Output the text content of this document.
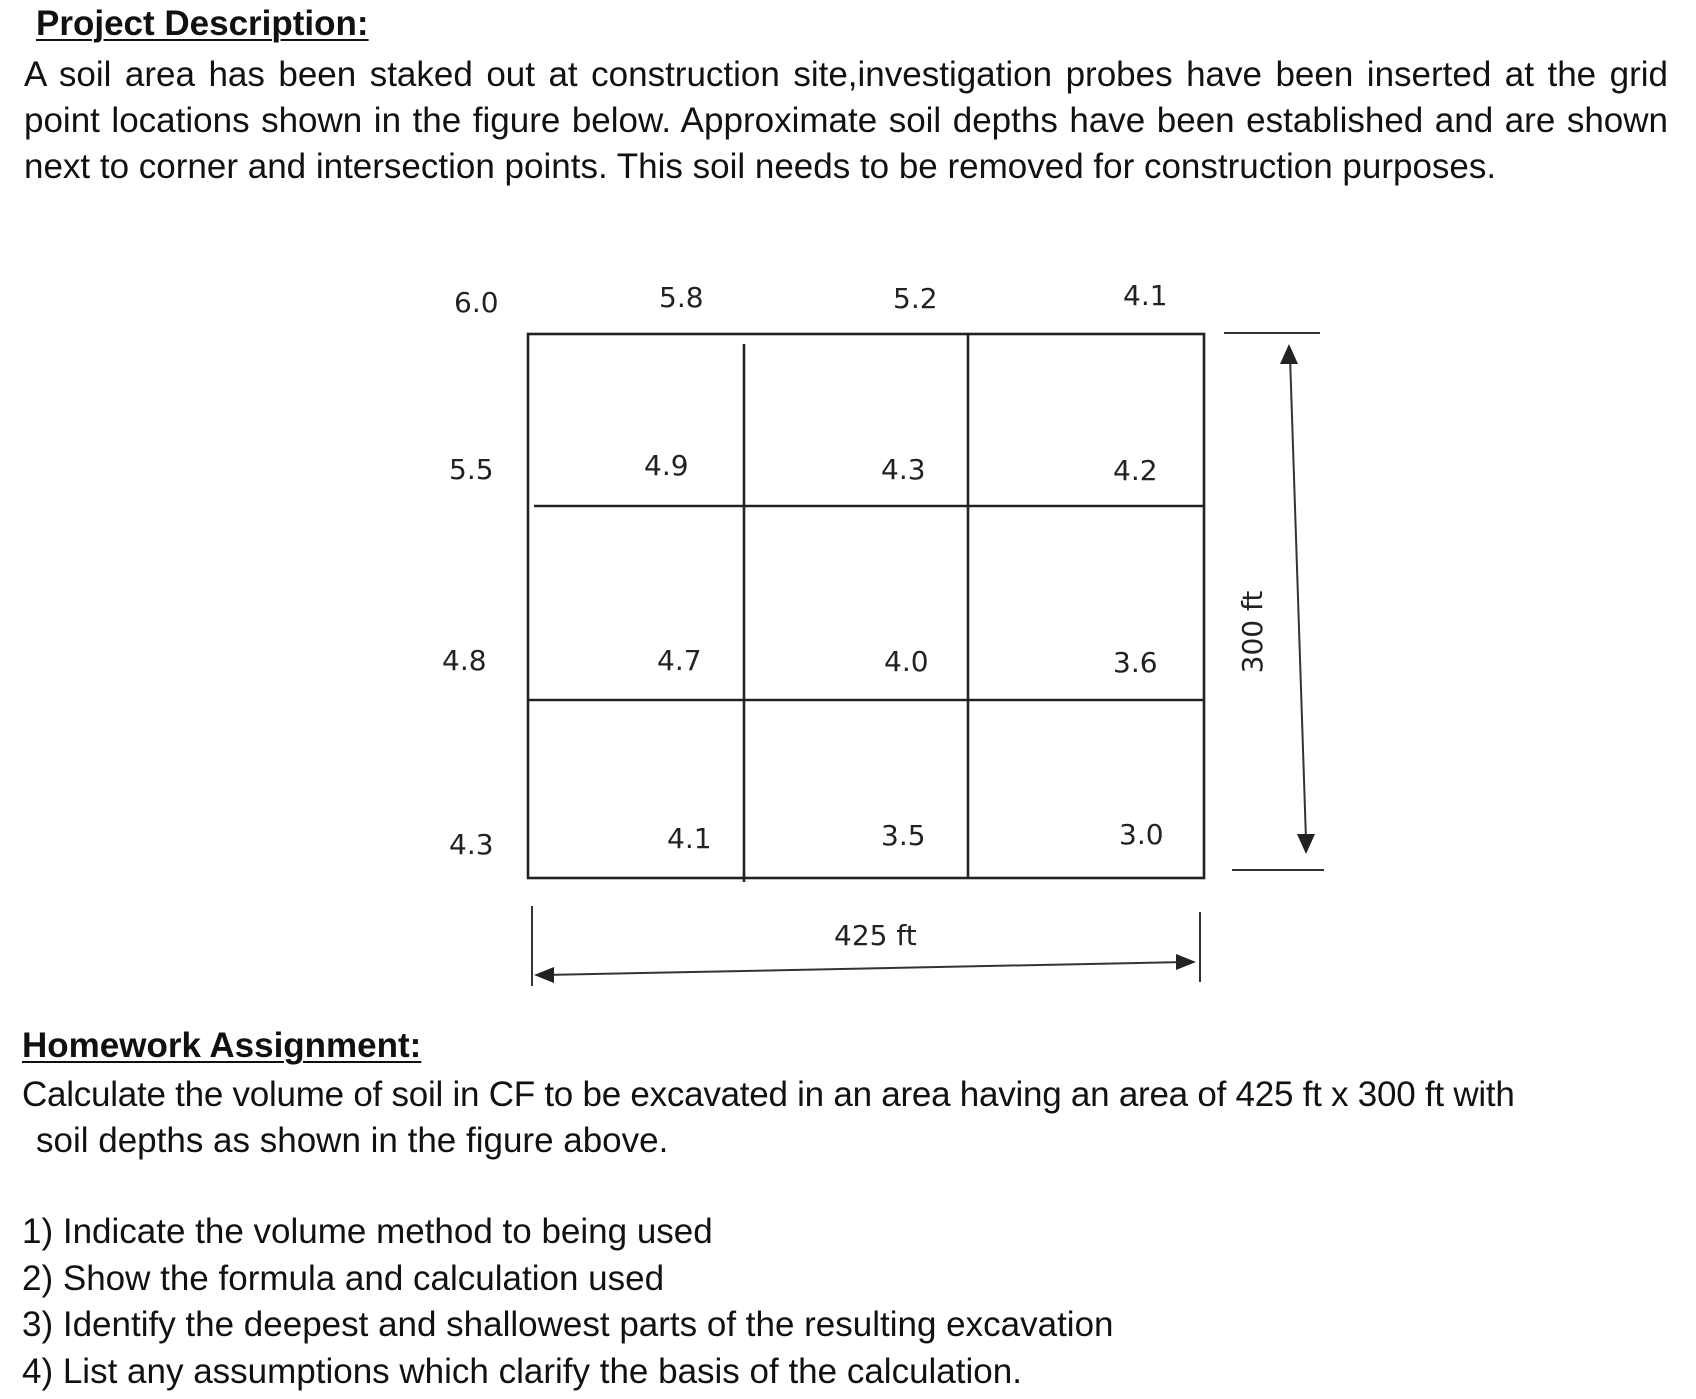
Project Description:
A soil area has been staked out at construction site,investigation probes have been inserted at the grid point locations shown in the figure below. Approximate soil depths have been established and are shown next to corner and intersection points. This soil needs to be removed for construction purposes.
6.0	5.8	5.2	4.1
5.5	4.9	4.3	4.2
4.8	4.7	4.0	3.6
4.3	4.1	3.5	3.0
425 ft
300 ft
Homework Assignment:
Calculate the volume of soil in CF to be excavated in an area having an area of 425 ft x 300 ft with
soil depths as shown in the figure above.
1) Indicate the volume method to being used
2) Show the formula and calculation used
3) Identify the deepest and shallowest parts of the resulting excavation
4) List any assumptions which clarify the basis of the calculation.
